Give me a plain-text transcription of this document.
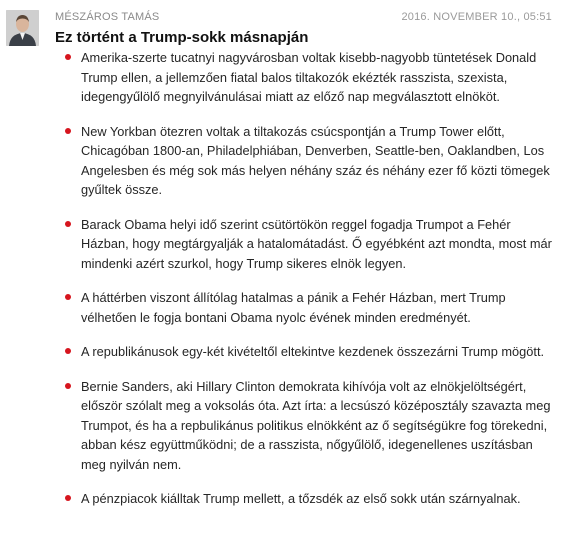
MÉSZÁROS TAMÁS	2016. NOVEMBER 10., 05:51
Ez történt a Trump-sokk másnapján
Amerika-szerte tucatnyi nagyvárosban voltak kisebb-nagyobb tüntetések Donald Trump ellen, a jellemzően fiatal balos tiltakozók ekézték rasszista, szexista, idegengyűlölő megnyilvánulásai miatt az előző nap megválasztott elnököt.
New Yorkban ötezren voltak a tiltakozás csúcspontján a Trump Tower előtt, Chicagóban 1800-an, Philadelphiában, Denverben, Seattle-ben, Oaklandben, Los Angelesben és még sok más helyen néhány száz és néhány ezer fő közti tömegek gyűltek össze.
Barack Obama helyi idő szerint csütörtökön reggel fogadja Trumpot a Fehér Házban, hogy megtárgyalják a hatalomátadást. Ő egyébként azt mondta, most már mindenki azért szurkol, hogy Trump sikeres elnök legyen.
A háttérben viszont állítólag hatalmas a pánik a Fehér Házban, mert Trump vélhetően le fogja bontani Obama nyolc évének minden eredményét.
A republikánusok egy-két kivételtől eltekintve kezdenek összezárni Trump mögött.
Bernie Sanders, aki Hillary Clinton demokrata kihívója volt az elnökjelöltségért, először szólalt meg a voksolás óta. Azt írta: a lecsúszó középosztály szavazta meg Trumpot, és ha a repbulikánus politikus elnökként az ő segítségükre fog törekedni, abban kész együttműködni; de a rasszista, nőgyűlölő, idegenellenes uszításban meg nyilván nem.
A pénzpiacok kiálltak Trump mellett, a tőzsdék az első sokk után szárnyalnak.
